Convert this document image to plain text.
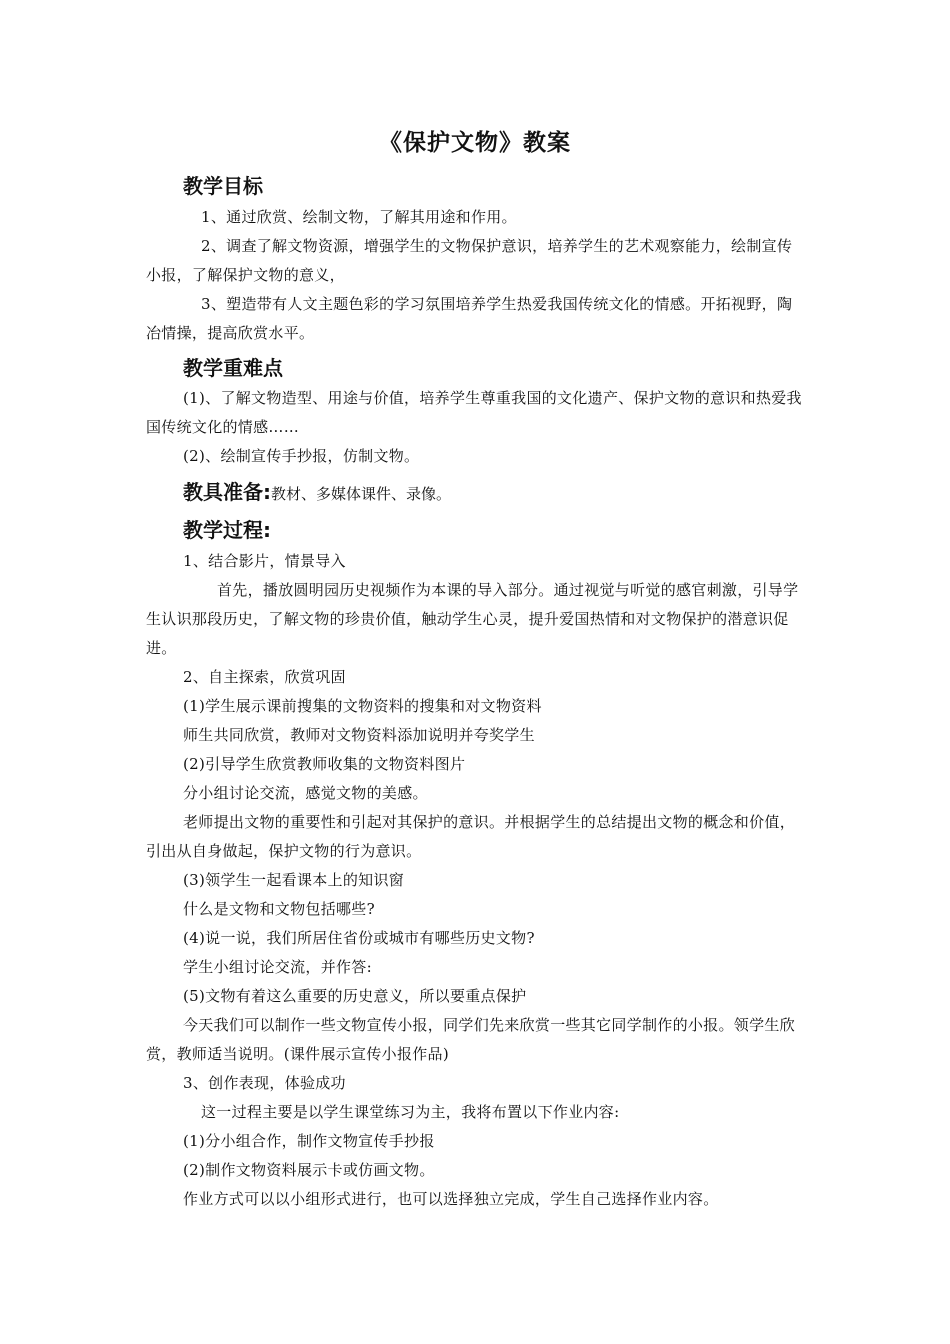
《保护文物》教案
教学目标
1、通过欣赏、绘制文物，了解其用途和作用。
2、调查了解文物资源，增强学生的文物保护意识，培养学生的艺术观察能力，绘制宣传小报，了解保护文物的意义，
3、塑造带有人文主题色彩的学习氛围培养学生热爱我国传统文化的情感。开拓视野，陶冶情操，提高欣赏水平。
教学重难点
(1)、了解文物造型、用途与价值，培养学生尊重我国的文化遗产、保护文物的意识和热爱我国传统文化的情感……
(2)、绘制宣传手抄报，仿制文物。
教具准备:教材、多媒体课件、录像。
教学过程:
1、结合影片，情景导入
首先，播放圆明园历史视频作为本课的导入部分。通过视觉与听觉的感官刺激，引导学生认识那段历史，了解文物的珍贵价值，触动学生心灵，提升爱国热情和对文物保护的潜意识促进。
2、自主探索，欣赏巩固
(1)学生展示课前搜集的文物资料的搜集和对文物资料
师生共同欣赏，教师对文物资料添加说明并夸奖学生
(2)引导学生欣赏教师收集的文物资料图片
分小组讨论交流，感觉文物的美感。
老师提出文物的重要性和引起对其保护的意识。并根据学生的总结提出文物的概念和价值，引出从自身做起，保护文物的行为意识。
(3)领学生一起看课本上的知识窗
什么是文物和文物包括哪些?
(4)说一说，我们所居住省份或城市有哪些历史文物?
学生小组讨论交流，并作答:
(5)文物有着这么重要的历史意义，所以要重点保护
今天我们可以制作一些文物宣传小报，同学们先来欣赏一些其它同学制作的小报。领学生欣赏，教师适当说明。(课件展示宣传小报作品)
3、创作表现，体验成功
这一过程主要是以学生课堂练习为主，我将布置以下作业内容:
(1)分小组合作，制作文物宣传手抄报
(2)制作文物资料展示卡或仿画文物。
作业方式可以以小组形式进行，也可以选择独立完成，学生自己选择作业内容。
